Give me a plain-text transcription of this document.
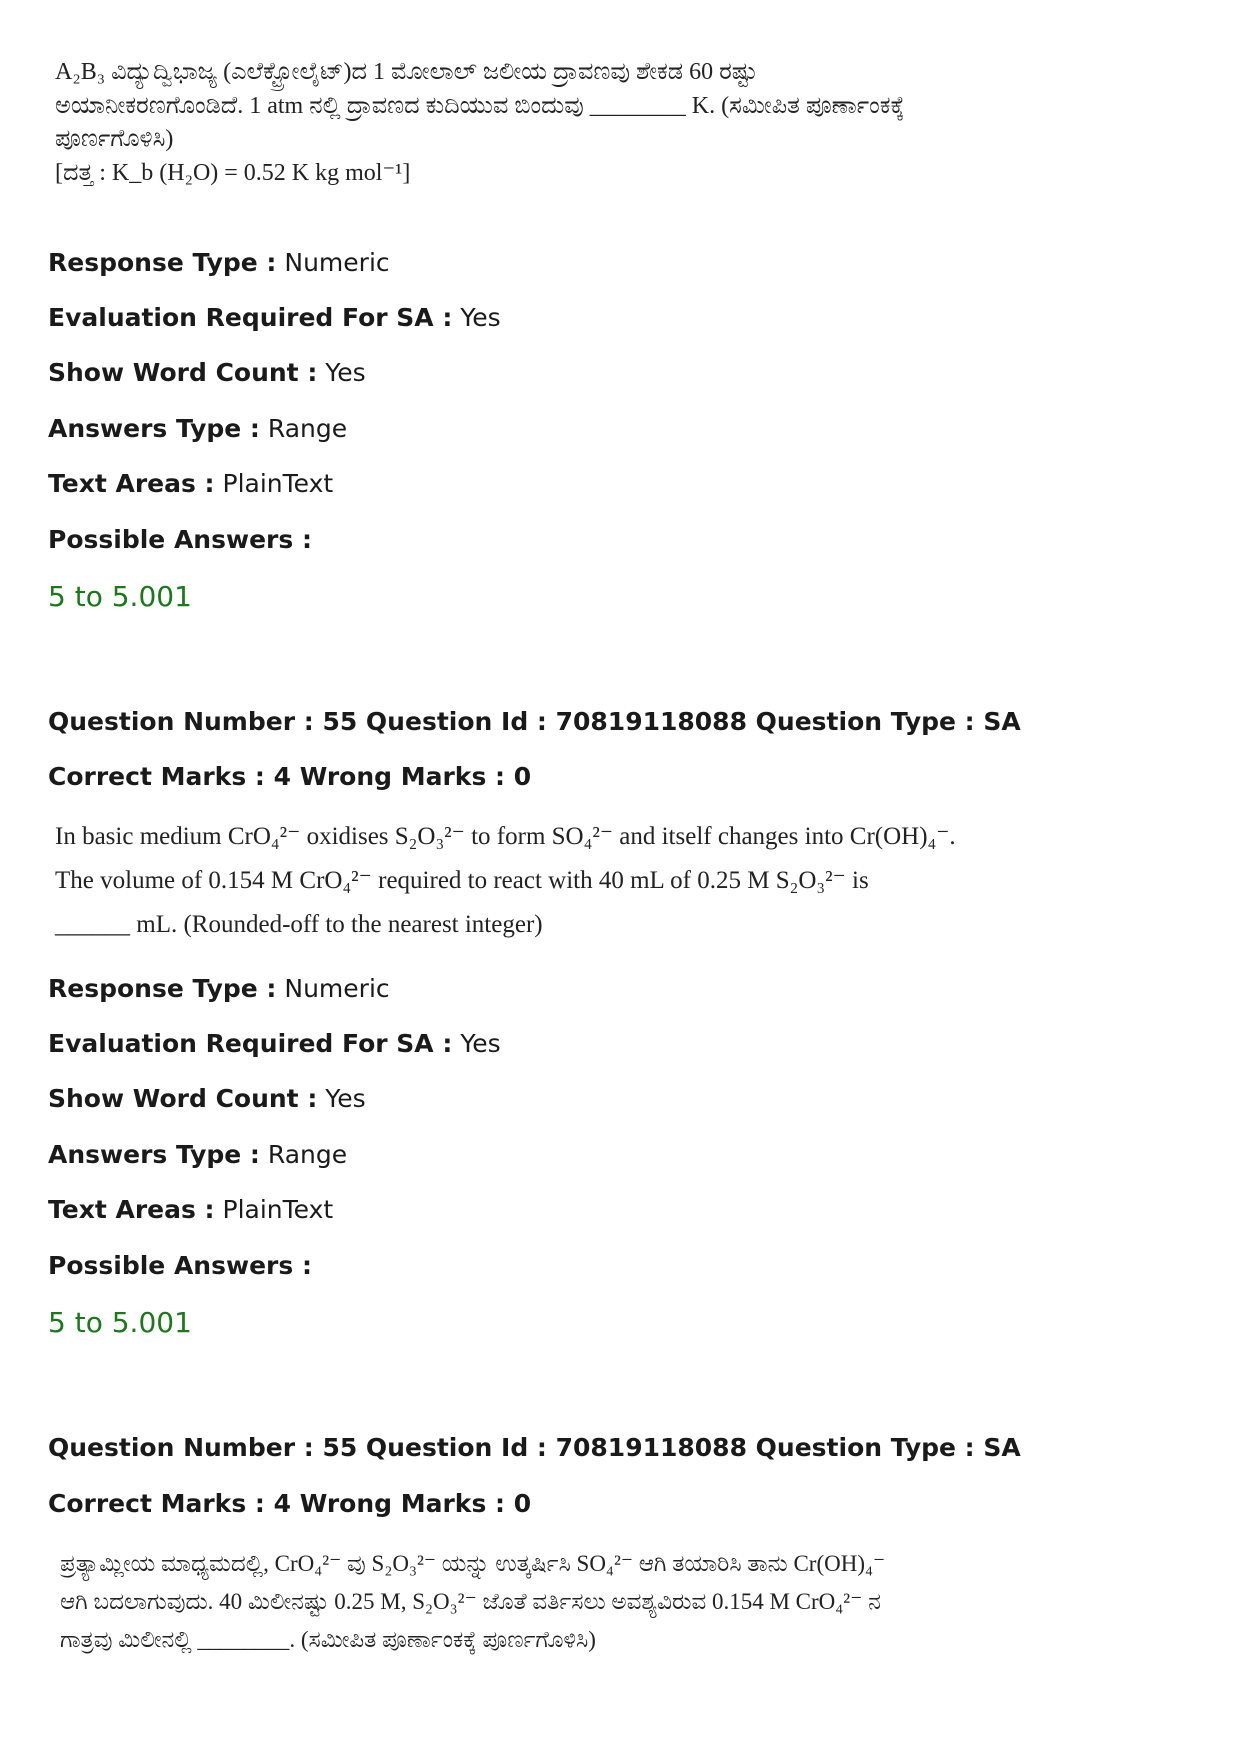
A₂B₃ ವಿದ್ಯುದ್ವಿಭಾಜ್ಯ (ಎಲೆಕ್ಟ್ರೋಲೈಟ್)ದ 1 ಮೋಲಾಲ್ ಜಲೀಯ ದ್ರಾವಣವು ಶೇಕಡ 60 ರಷ್ಟು
ಅಯಾನೀಕರಣಗೊಂಡಿದೆ. 1 atm ನಲ್ಲಿ ದ್ರಾವಣದ ಕುದಿಯುವ ಬಿಂದುವು ________ K. (ಸಮೀಪಿತ ಪೂರ್ಣಾಂಕಕ್ಕೆ
ಪೂರ್ಣಗೊಳಿಸಿ)
[ದತ್ತ : K_b (H₂O) = 0.52 K kg mol⁻¹]
Response Type : Numeric
Evaluation Required For SA : Yes
Show Word Count : Yes
Answers Type : Range
Text Areas : PlainText
Possible Answers :
5 to 5.001
Question Number : 55 Question Id : 70819118088 Question Type : SA
Correct Marks : 4 Wrong Marks : 0
In basic medium CrO₄²⁻ oxidises S₂O₃²⁻ to form SO₄²⁻ and itself changes into Cr(OH)₄⁻.
The volume of 0.154 M CrO₄²⁻ required to react with 40 mL of 0.25 M S₂O₃²⁻ is
______ mL. (Rounded-off to the nearest integer)
Response Type : Numeric
Evaluation Required For SA : Yes
Show Word Count : Yes
Answers Type : Range
Text Areas : PlainText
Possible Answers :
5 to 5.001
Question Number : 55 Question Id : 70819118088 Question Type : SA
Correct Marks : 4 Wrong Marks : 0
ಪ್ರತ್ಯಾಮ್ಲೀಯ ಮಾಧ್ಯಮದಲ್ಲಿ, CrO₄²⁻ ವು S₂O₃²⁻ ಯನ್ನು ಉತ್ಕರ್ಷಿಸಿ SO₄²⁻ ಆಗಿ ತಯಾರಿಸಿ ತಾನು Cr(OH)₄⁻
ಆಗಿ ಬದಲಾಗುವುದು. 40 ಮಿಲೀನಷ್ಟು 0.25 M, S₂O₃²⁻ ಜೊತೆ ವರ್ತಿಸಲು ಅವಶ್ಯವಿರುವ 0.154 M CrO₄²⁻ ನ
ಗಾತ್ರವು ಮಿಲೀನಲ್ಲಿ ________. (ಸಮೀಪಿತ ಪೂರ್ಣಾಂಕಕ್ಕೆ ಪೂರ್ಣಗೊಳಿಸಿ)
